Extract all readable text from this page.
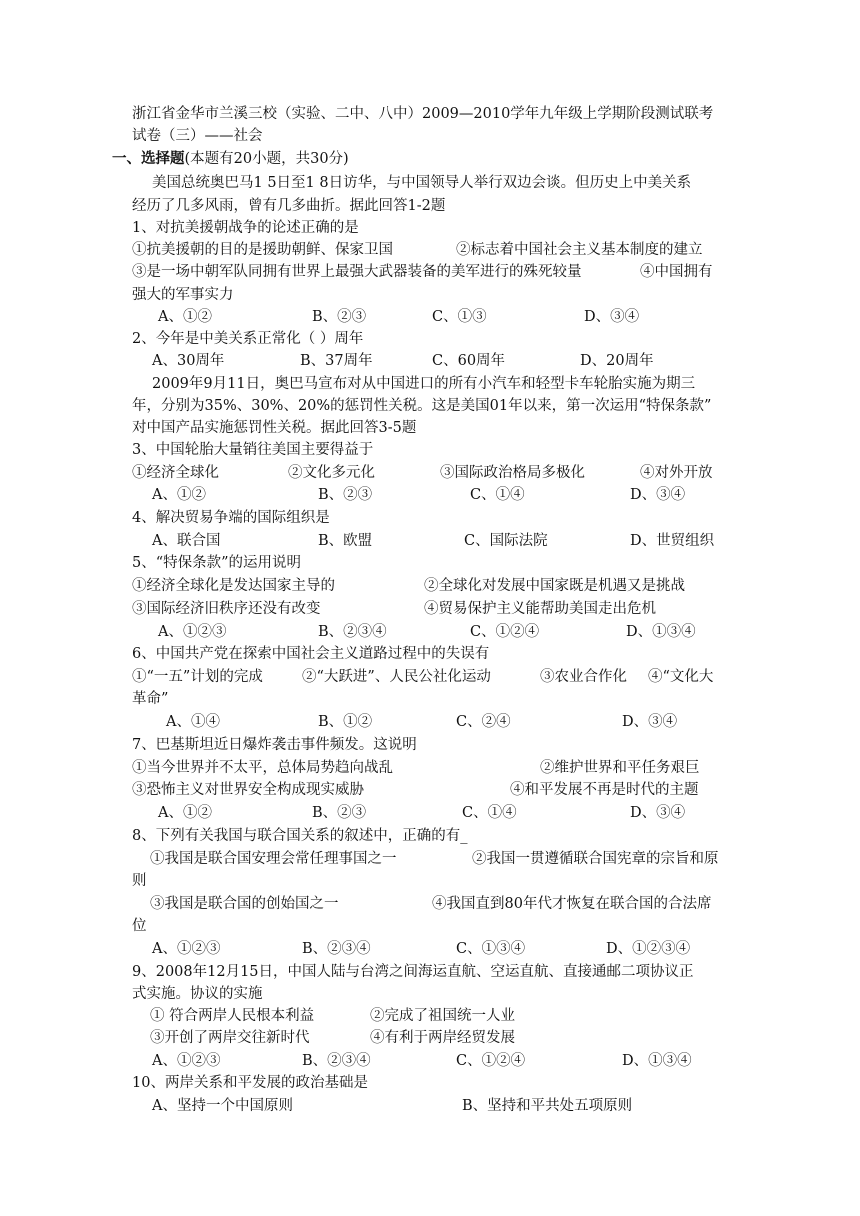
浙江省金华市兰溪三校（实验、二中、八中）2009—2010学年九年级上学期阶段测试联考
试卷（三）——社会
一、选择题(本题有20小题，共30分)
美国总统奥巴马1 5日至1 8日访华，与中国领导人举行双边会谈。但历史上中美关系
经历了几多风雨，曾有几多曲折。据此回答1-2题
1、对抗美援朝战争的论述正确的是
①抗美援朝的目的是援助朝鲜、保家卫国	②标志着中国社会主义基本制度的建立
③是一场中朝军队同拥有世界上最强大武器装备的美军进行的殊死较量	④中国拥有
强大的军事实力
A、①②	B、②③	C、①③	D、③④
2、今年是中美关系正常化（ ）周年
A、30周年	B、37周年	C、60周年	D、20周年
2009年9月11日，奥巴马宣布对从中国进口的所有小汽车和轻型卡车轮胎实施为期三
年，分别为35%、30%、20%的惩罚性关税。这是美国01年以来，第一次运用“特保条款”
对中国产品实施惩罚性关税。据此回答3-5题
3、中国轮胎大量销往美国主要得益于
①经济全球化	②文化多元化	③国际政治格局多极化	④对外开放
A、①②	B、②③	C、①④	D、③④
4、解决贸易争端的国际组织是
A、联合国	B、欧盟	C、国际法院	D、世贸组织
5、“特保条款”的运用说明
①经济全球化是发达国家主导的	②全球化对发展中国家既是机遇又是挑战
③国际经济旧秩序还没有改变	④贸易保护主义能帮助美国走出危机
A、①②③	B、②③④	C、①②④	D、①③④
6、中国共产党在探索中国社会主义道路过程中的失误有
①“一五”计划的完成	②“大跃进”、人民公社化运动	③农业合作化 ④“文化大
革命”
A、①④	B、①②	C、②④	D、③④
7、巴基斯坦近日爆炸袭击事件频发。这说明
①当今世界并不太平，总体局势趋向战乱	②维护世界和平任务艰巨
③恐怖主义对世界安全构成现实威胁	④和平发展不再是时代的主题
A、①②	B、②③	C、①④	D、③④
8、下列有关我国与联合国关系的叙述中，正确的有_
①我国是联合国安理会常任理事国之一	②我国一贯遵循联合国宪章的宗旨和原
则
③我国是联合国的创始国之一	④我国直到80年代才恢复在联合国的合法席
位
A、①②③	B、②③④	C、①③④	D、①②③④
9、2008年12月15日，中国人陆与台湾之间海运直航、空运直航、直接通邮二项协议正
式实施。协议的实施
① 符合两岸人民根本利益	②完成了祖国统一人业
③开创了两岸交往新时代	④有利于两岸经贸发展
A、①②③	B、②③④	C、①②④	D、①③④
10、两岸关系和平发展的政治基础是
A、坚持一个中国原则	B、坚持和平共处五项原则
